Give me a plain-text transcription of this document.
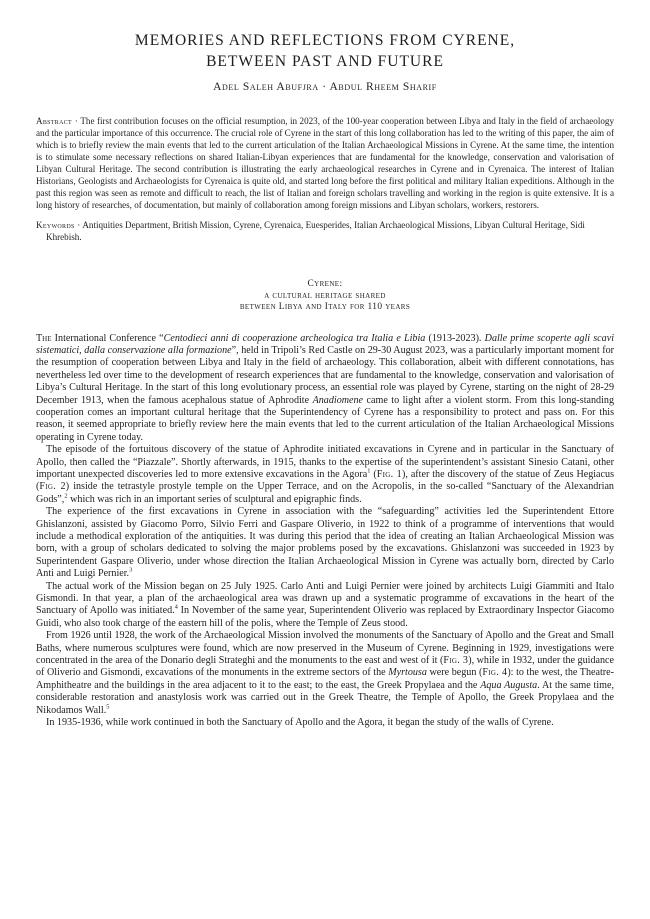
MEMORIES AND REFLECTIONS FROM CYRENE,
BETWEEN PAST AND FUTURE
Adel Saleh Abufjra · Abdul Rheem Sharif

Abstract · The first contribution focuses on the official resumption, in 2023, of the 100-year cooperation between Libya and Italy in the field of archaeology and the particular importance of this occurrence. The crucial role of Cyrene in the start of this long collaboration has led to the writing of this paper, the aim of which is to briefly review the main events that led to the current articulation of the Italian Archaeological Missions in Cyrene. At the same time, the intention is to stimulate some necessary reflections on shared Italian-Libyan experiences that are fundamental for the knowledge, conservation and valorisation of Libyan Cultural Heritage. The second contribution is illustrating the early archaeological researches in Cyrene and in Cyrenaica. The interest of Italian Historians, Geologists and Archaeologists for Cyrenaica is quite old, and started long before the first political and military Italian expeditions. Although in the past this region was seen as remote and difficult to reach, the list of Italian and foreign scholars travelling and working in the region is quite extensive. It is a long history of researches, of documentation, but mainly of collaboration among foreign missions and Libyan scholars, workers, restorers.

Keywords · Antiquities Department, British Mission, Cyrene, Cyrenaica, Euesperides, Italian Archaeological Missions, Libyan Cultural Heritage, Sidi Khrebish.

Cyrene:
a cultural heritage shared
between Libya and Italy for 110 years

The International Conference “Centodieci anni di cooperazione archeologica tra Italia e Libia (1913-2023). Dalle prime scoperte agli scavi sistematici, dalla conservazione alla formazione”, held in Tripoli’s Red Castle on 29-30 August 2023, was a particularly important moment for the resumption of cooperation between Libya and Italy in the field of archaeology. This collaboration, albeit with different connotations, has nevertheless led over time to the development of research experiences that are fundamental to the knowledge, conservation and valorisation of Libya’s Cultural Heritage. In the start of this long evolutionary process, an essential role was played by Cyrene, starting on the night of 28-29 December 1913, when the famous acephalous statue of Aphrodite Anadiomene came to light after a violent storm. From this long-standing cooperation comes an important cultural heritage that the Superintendency of Cyrene has a responsibility to protect and pass on. For this reason, it seemed appropriate to briefly review here the main events that led to the current articulation of the Italian Archaeological Missions operating in Cyrene today.

The episode of the fortuitous discovery of the statue of Aphrodite initiated excavations in Cyrene and in particular in the Sanctuary of Apollo, then called the “Piazzale”. Shortly afterwards, in 1915, thanks to the expertise of the superintendent’s assistant Sinesio Catani, other important unexpected discoveries led to more extensive excavations in the Agora$^1$ (Fig. 1), after the discovery of the statue of Zeus Hegiacus (Fig. 2) inside the tetrastyle prostyle temple on the Upper Terrace, and on the Acropolis, in the so-called “Sanctuary of the Alexandrian Gods”,$^2$ which was rich in an important series of sculptural and epigraphic finds.

The experience of the first excavations in Cyrene in association with the “safeguarding” activities led the Superintendent Ettore Ghislanzoni, assisted by Giacomo Porro, Silvio Ferri and Gaspare Oliverio, in 1922 to think of a programme of interventions that would include a methodical exploration of the antiquities. It was during this period that the idea of creating an Italian Archaeological Mission was born, with a group of scholars dedicated to solving the major problems posed by the excavations. Ghislanzoni was succeeded in 1923 by Superintendent Gaspare Oliverio, under whose direction the Italian Archaeological Mission in Cyrene was actually born, directed by Carlo Anti and Luigi Pernier.$^3$

The actual work of the Mission began on 25 July 1925. Carlo Anti and Luigi Pernier were joined by architects Luigi Giammiti and Italo Gismondi. In that year, a plan of the archaeological area was drawn up and a systematic programme of excavations in the heart of the Sanctuary of Apollo was initiated.$^4$ In November of the same year, Superintendent Oliverio was replaced by Extraordinary Inspector Giacomo Guidi, who also took charge of the eastern hill of the polis, where the Temple of Zeus stood.

From 1926 until 1928, the work of the Archaeological Mission involved the monuments of the Sanctuary of Apollo and the Great and Small Baths, where numerous sculptures were found, which are now preserved in the Museum of Cyrene. Beginning in 1929, investigations were concentrated in the area of the Donario degli Strateghi and the monuments to the east and west of it (Fig. 3), while in 1932, under the guidance of Oliverio and Gismondi, excavations of the monuments in the extreme sectors of the Myrtousa were begun (Fig. 4): to the west, the Theatre-Amphitheatre and the buildings in the area adjacent to it to the east; to the east, the Greek Propylaea and the Aqua Augusta. At the same time, considerable restoration and anastylosis work was carried out in the Greek Theatre, the Temple of Apollo, the Greek Propylaea and the Nikodamos Wall.$^5$

In 1935-1936, while work continued in both the Sanctuary of Apollo and the Agora, it began the study of the walls of Cyrene.
